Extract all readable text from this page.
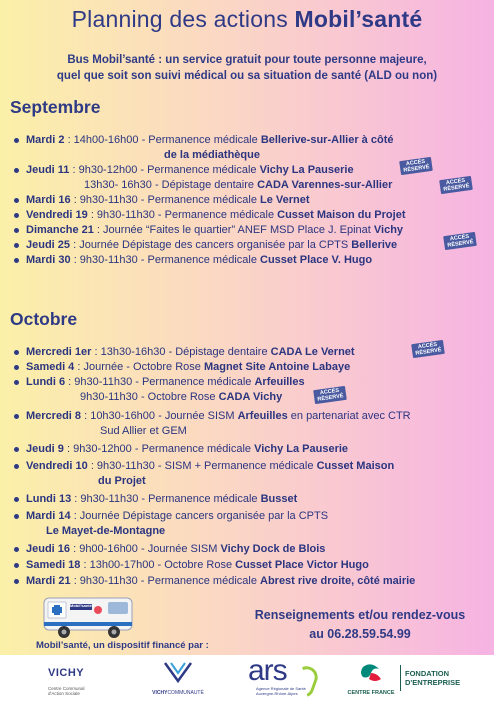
Planning des actions Mobil’santé
Bus Mobil’santé : un service gratuit pour toute personne majeure,
quel que soit son suivi médical ou sa situation de santé (ALD ou non)
Septembre
Mardi 2 : 14h00-16h00 - Permanence médicale Bellerive-sur-Allier à côté
de la médiathèque
Jeudi 11 : 9h30-12h00 - Permanence médicale Vichy La Pauserie
ACCÈS RÉSERVÉ
13h30- 16h30 - Dépistage dentaire CADA Varennes-sur-Allier	ACCÈS RÉSERVÉ
Mardi 16 : 9h30-11h30 - Permanence médicale Le Vernet
Vendredi 19 : 9h30-11h30 - Permanence médicale Cusset Maison du Projet
Dimanche 21 : Journée “Faites le quartier” ANEF MSD Place J. Epinat Vichy
Jeudi 25 : Journée Dépistage des cancers organisée par la CPTS Bellerive
ACCÈS RÉSERVÉ
Mardi 30 : 9h30-11h30 - Permanence médicale Cusset Place V. Hugo
Octobre
Mercredi 1er : 13h30-16h30 - Dépistage dentaire CADA Le Vernet	ACCÈS RÉSERVÉ
Samedi 4 : Journée - Octobre Rose Magnet Site Antoine Labaye
Lundi 6 : 9h30-11h30 - Permanence médicale Arfeuilles
9h30-11h30 - Octobre Rose CADA Vichy	ACCÈS RÉSERVÉ
Mercredi 8 : 10h30-16h00 - Journée SISM Arfeuilles en partenariat avec CTR
Sud Allier et GEM
Jeudi 9 : 9h30-12h00 - Permanence médicale Vichy La Pauserie
Vendredi 10 : 9h30-11h30 - SISM + Permanence médicale Cusset Maison
du Projet
Lundi 13 : 9h30-11h30 - Permanence médicale Busset
Mardi 14 : Journée Dépistage cancers organisée par la CPTS
Le Mayet-de-Montagne
Jeudi 16 : 9h00-16h00 - Journée SISM Vichy Dock de Blois
Samedi 18 : 13h00-17h00 - Octobre Rose Cusset Place Victor Hugo
Mardi 21 : 9h30-11h30 - Permanence médicale Abrest rive droite, côté mairie
Mobil’santé
Mobil’santé, un dispositif financé par :
Renseignements et/ou rendez-vous
au 06.28.59.54.99
VICHY
Centre Communal
d'Action Sociale	VICHYCOMMUNAUTÉ
ars
Agence Régionale de Santé
Auvergne-Rhône-Alpes	CENTRE FRANCE
FONDATION
D'ENTREPRISE
